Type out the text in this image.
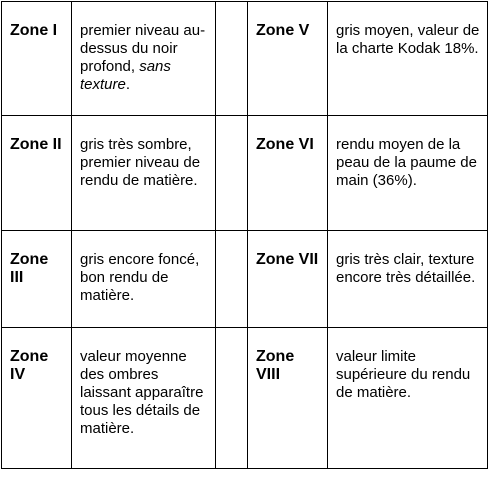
Zone I	premier niveau au-dessus du noir profond, sans texture.		Zone V	gris moyen, valeur de la charte Kodak 18%.
Zone II	gris très sombre, premier niveau de rendu de matière.		Zone VI	rendu moyen de la peau de la paume de main (36%).
Zone III	gris encore foncé, bon rendu de matière.		Zone VII	gris très clair, texture encore très détaillée.
Zone IV	valeur moyenne des ombres laissant apparaître tous les détails de matière.		Zone VIII	valeur limite supérieure du rendu de matière.
